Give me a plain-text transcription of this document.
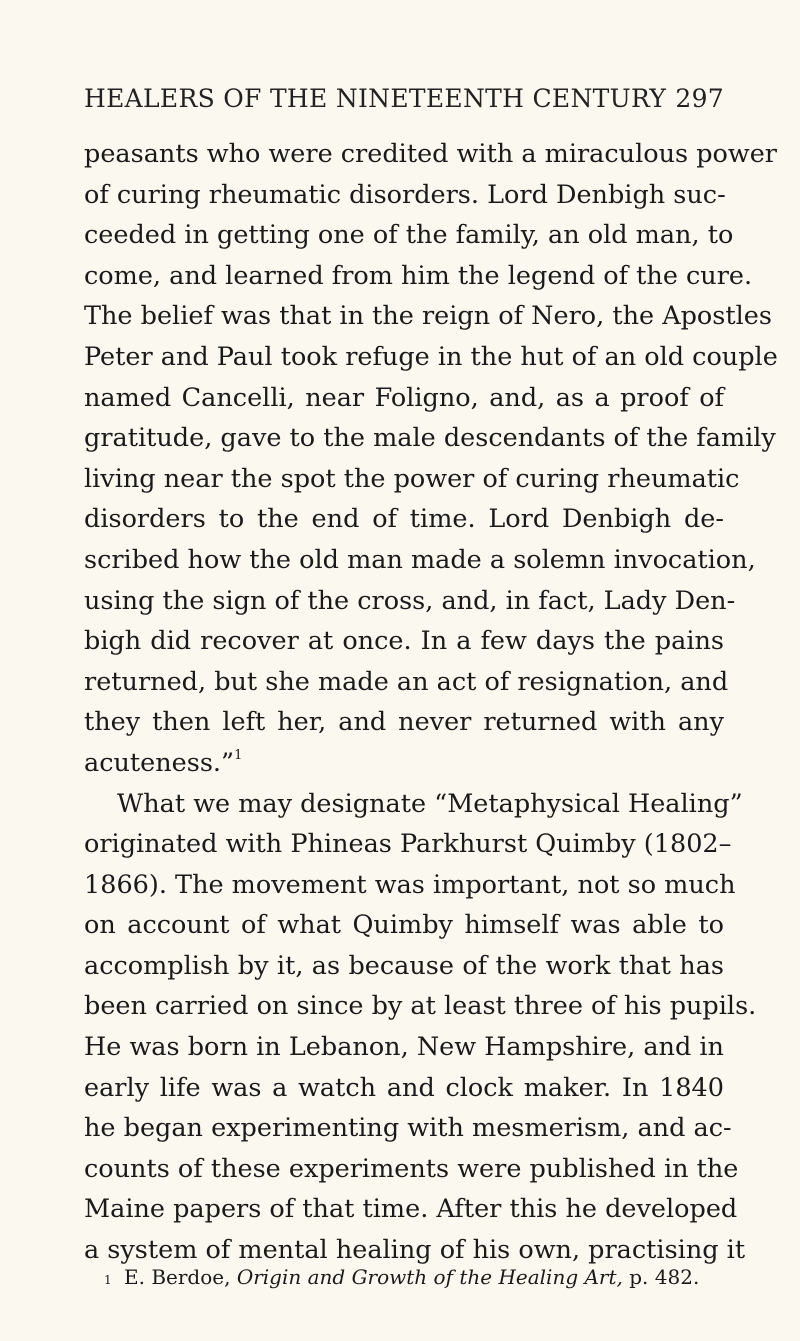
HEALERS OF THE NINETEENTH CENTURY 297
peasants who were credited with a miraculous power
of curing rheumatic disorders. Lord Denbigh suc-
ceeded in getting one of the family, an old man, to
come, and learned from him the legend of the cure.
The belief was that in the reign of Nero, the Apostles
Peter and Paul took refuge in the hut of an old couple
named Cancelli, near Foligno, and, as a proof of
gratitude, gave to the male descendants of the family
living near the spot the power of curing rheumatic
disorders to the end of time. Lord Denbigh de-
scribed how the old man made a solemn invocation,
using the sign of the cross, and, in fact, Lady Den-
bigh did recover at once. In a few days the pains
returned, but she made an act of resignation, and
they then left her, and never returned with any
acuteness.”$^1$
What we may designate “Metaphysical Healing”
originated with Phineas Parkhurst Quimby (1802–
1866). The movement was important, not so much
on account of what Quimby himself was able to
accomplish by it, as because of the work that has
been carried on since by at least three of his pupils.
He was born in Lebanon, New Hampshire, and in
early life was a watch and clock maker. In 1840
he began experimenting with mesmerism, and ac-
counts of these experiments were published in the
Maine papers of that time. After this he developed
a system of mental healing of his own, practising it
1 E. Berdoe, Origin and Growth of the Healing Art, p. 482.
